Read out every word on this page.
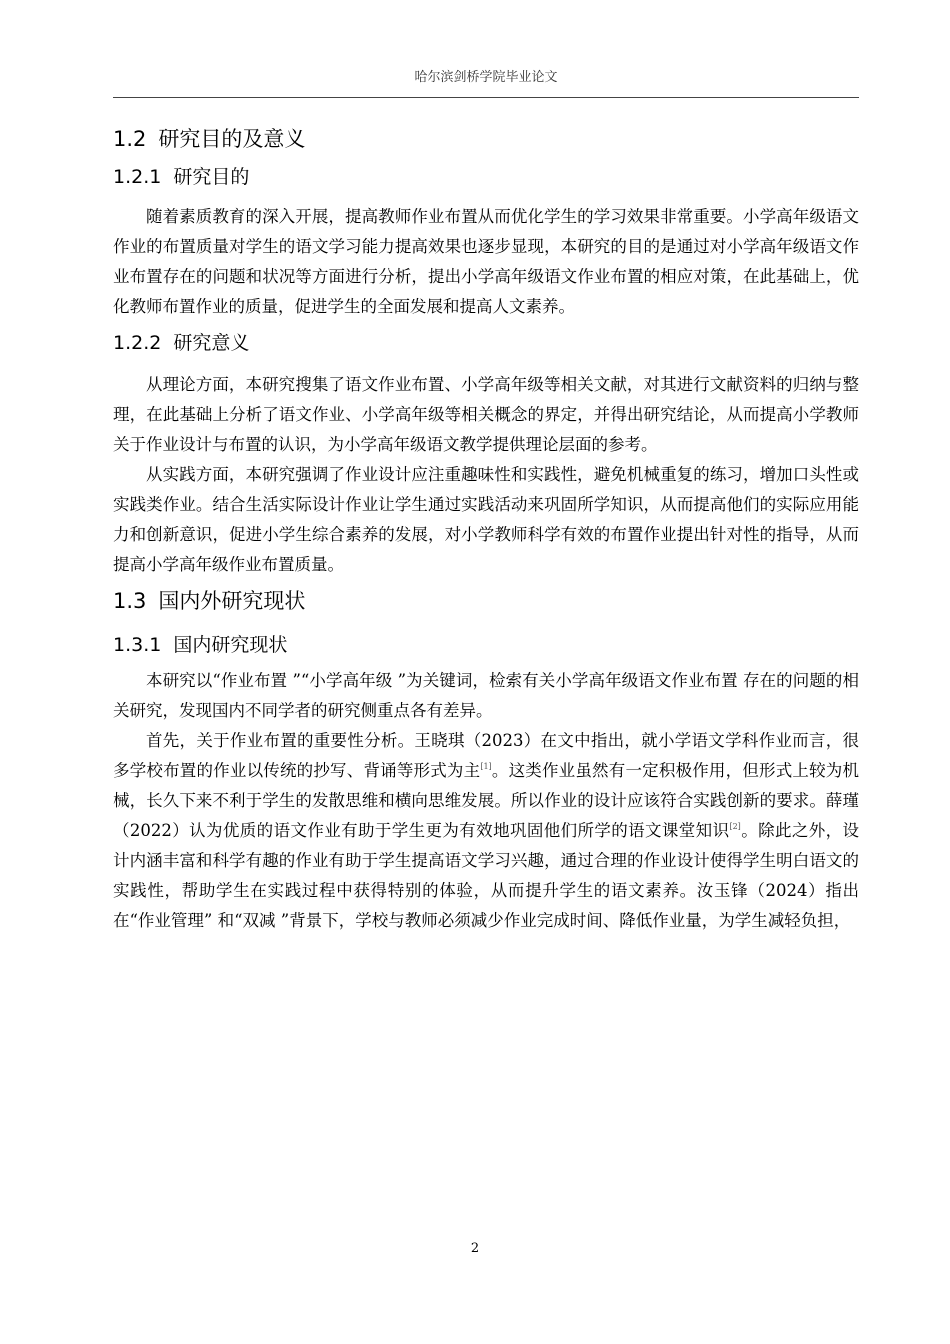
哈尔滨剑桥学院毕业论文
1.2 研究目的及意义
1.2.1 研究目的

随着素质教育的深入开展，提高教师作业布置从而优化学生的学习效果非常重要。小学高年级语文作业的布置质量对学生的语文学习能力提高效果也逐步显现，本研究的目的是通过对小学高年级语文作业布置存在的问题和状况等方面进行分析，提出小学高年级语文作业布置的相应对策，在此基础上，优化教师布置作业的质量，促进学生的全面发展和提高人文素养。

1.2.2 研究意义

从理论方面，本研究搜集了语文作业布置、小学高年级等相关文献，对其进行文献资料的归纳与整理，在此基础上分析了语文作业、小学高年级等相关概念的界定，并得出研究结论，从而提高小学教师关于作业设计与布置的认识，为小学高年级语文教学提供理论层面的参考。

从实践方面，本研究强调了作业设计应注重趣味性和实践性，避免机械重复的练习，增加口头性或实践类作业。结合生活实际设计作业让学生通过实践活动来巩固所学知识，从而提高他们的实际应用能力和创新意识，促进小学生综合素养的发展，对小学教师科学有效的布置作业提出针对性的指导，从而提高小学高年级作业布置质量。

1.3 国内外研究现状
1.3.1 国内研究现状

本研究以“作业布置 ”“小学高年级 ”为关键词，检索有关小学高年级语文作业布置 存在的问题的相关研究，发现国内不同学者的研究侧重点各有差异。

首先，关于作业布置的重要性分析。王晓琪（2023）在文中指出，就小学语文学科作业而言，很多学校布置的作业以传统的抄写、背诵等形式为主[1]。这类作业虽然有一定积极作用，但形式上较为机械，长久下来不利于学生的发散思维和横向思维发展。所以作业的设计应该符合实践创新的要求。薛瑾（2022）认为优质的语文作业有助于学生更为有效地巩固他们所学的语文课堂知识[2]。除此之外，设计内涵丰富和科学有趣的作业有助于学生提高语文学习兴趣，通过合理的作业设计使得学生明白语文的实践性，帮助学生在实践过程中获得特别的体验，从而提升学生的语文素养。汝玉锋（2024）指出在“作业管理” 和“双减 ”背景下，学校与教师必须减少作业完成时间、降低作业量，为学生减轻负担，

2
